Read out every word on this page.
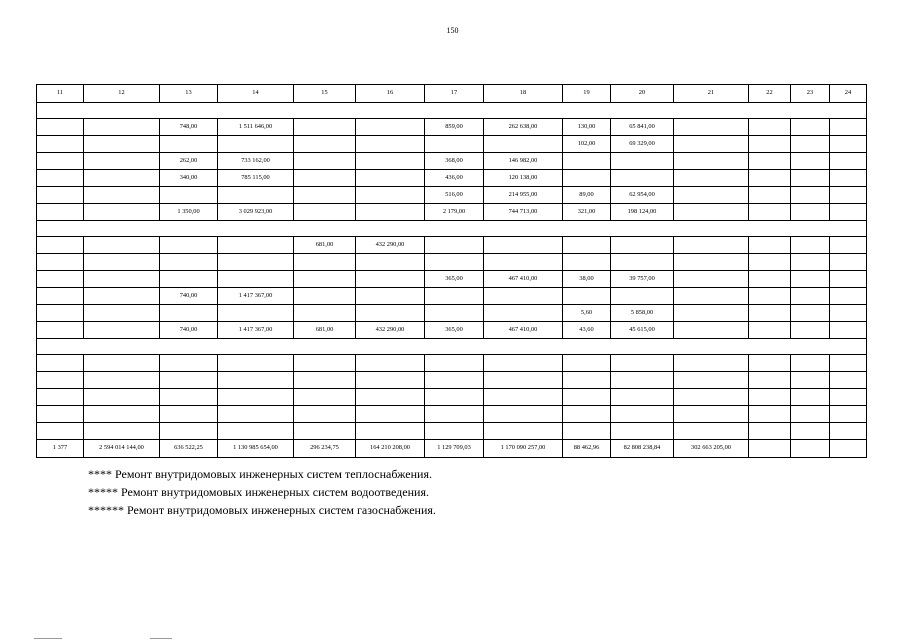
150
11	12	13	14	15	16	17	18	19	20	21	22	23	24

		748,00	1 511 646,00			859,00	262 638,00	130,00	65 841,00				
								102,00	69 329,00				
		262,00	733 162,00			368,00	146 982,00						
		340,00	785 115,00			436,00	120 138,00						
						516,00	214 955,00	89,00	62 954,00				
		1 350,00	3 029 923,00			2 179,00	744 713,00	321,00	198 124,00				

				681,00	432 290,00								

						365,00	467 410,00	38,00	39 757,00				
		740,00	1 417 367,00										
								5,60	5 858,00				
		740,00	1 417 367,00	681,00	432 290,00	365,00	467 410,00	43,60	45 615,00				

1 377	2 594 014 144,00	636 522,25	1 130 985 654,00	296 234,75	164 210 208,00	1 129 709,03	1 170 090 257,00	88 462,96	82 808 238,84	302 663 205,00			
**** Ремонт внутридомовых инженерных систем теплоснабжения.
***** Ремонт внутридомовых инженерных систем водоотведения.
****** Ремонт внутридомовых инженерных систем газоснабжения.
